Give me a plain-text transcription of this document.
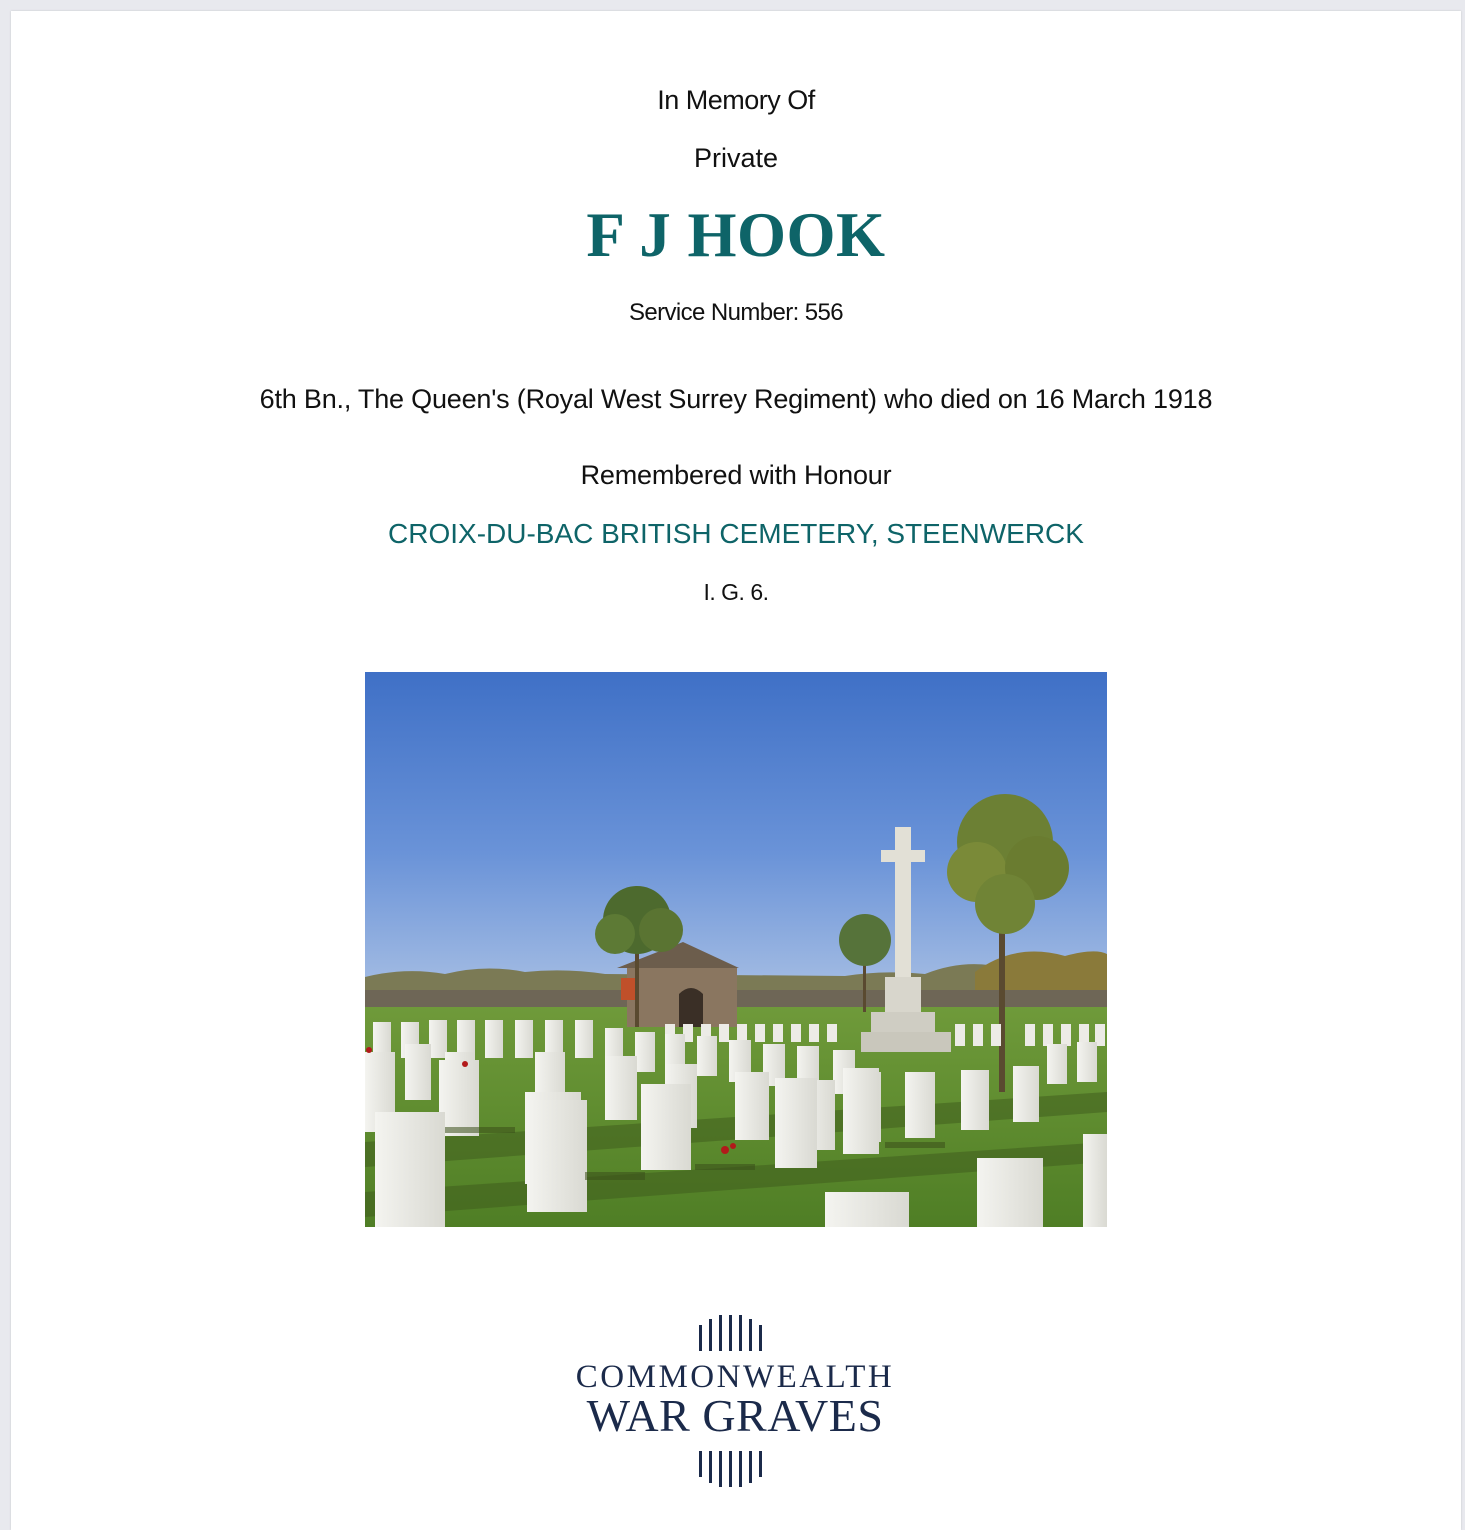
In Memory Of
Private
F J HOOK
Service Number: 556
6th Bn., The Queen's (Royal West Surrey Regiment) who died on 16 March 1918
Remembered with Honour
CROIX-DU-BAC BRITISH CEMETERY, STEENWERCK
I. G. 6.
COMMONWEALTH
WAR GRAVES
